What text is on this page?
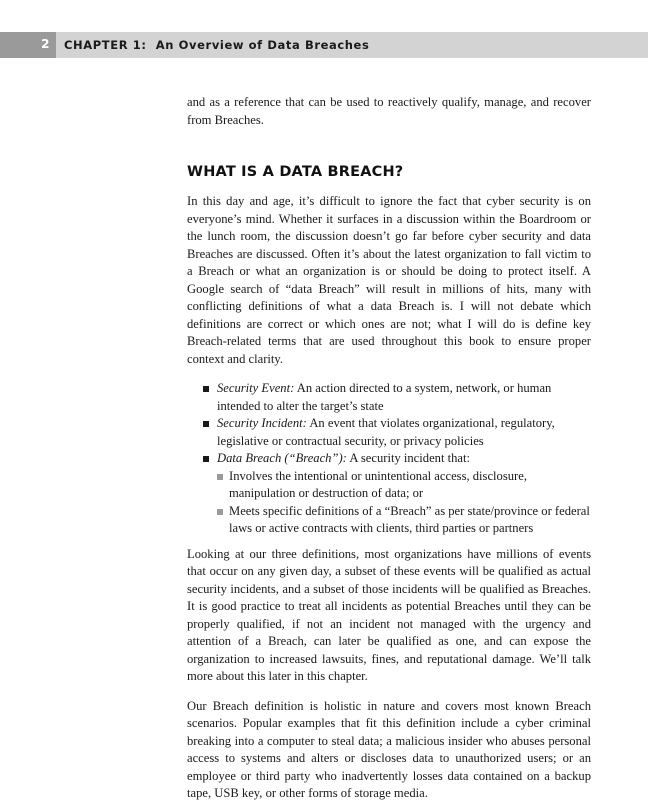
2 CHAPTER 1: An Overview of Data Breaches

and as a reference that can be used to reactively qualify, manage, and recover from Breaches.

WHAT IS A DATA BREACH?

In this day and age, it’s difficult to ignore the fact that cyber security is on everyone’s mind. Whether it surfaces in a discussion within the Boardroom or the lunch room, the discussion doesn’t go far before cyber security and data Breaches are discussed. Often it’s about the latest organization to fall victim to a Breach or what an organization is or should be doing to protect itself. A Google search of “data Breach” will result in millions of hits, many with conflicting definitions of what a data Breach is. I will not debate which definitions are correct or which ones are not; what I will do is define key Breach-related terms that are used throughout this book to ensure proper context and clarity.

Security Event: An action directed to a system, network, or human intended to alter the target’s state
Security Incident: An event that violates organizational, regulatory, legislative or contractual security, or privacy policies
Data Breach (“Breach”): A security incident that:
Involves the intentional or unintentional access, disclosure, manipulation or destruction of data; or
Meets specific definitions of a “Breach” as per state/province or federal laws or active contracts with clients, third parties or partners

Looking at our three definitions, most organizations have millions of events that occur on any given day, a subset of these events will be qualified as actual security incidents, and a subset of those incidents will be qualified as Breaches. It is good practice to treat all incidents as potential Breaches until they can be properly qualified, if not an incident not managed with the urgency and attention of a Breach, can later be qualified as one, and can expose the organization to increased lawsuits, fines, and reputational damage. We’ll talk more about this later in this chapter.

Our Breach definition is holistic in nature and covers most known Breach scenarios. Popular examples that fit this definition include a cyber criminal breaking into a computer to steal data; a malicious insider who abuses personal access to systems and alters or discloses data to unauthorized users; or an employee or third party who inadvertently losses data contained on a backup tape, USB key, or other forms of storage media.
